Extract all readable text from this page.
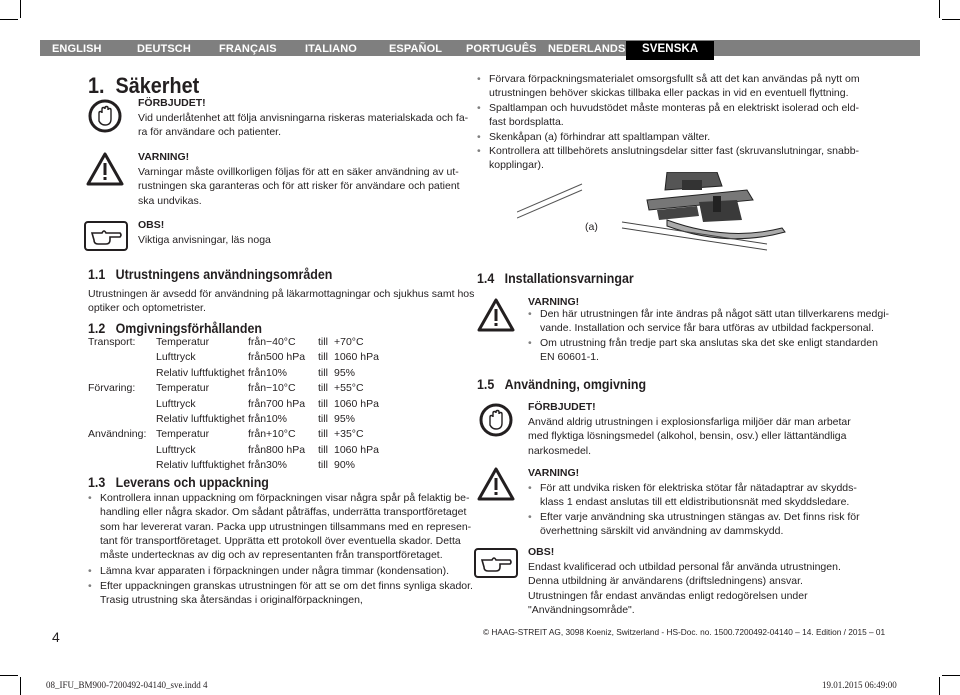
ENGLISH	DEUTSCH	FRANÇAIS	ITALIANO	ESPAÑOL PORTUGUÊS NEDERLANDS	SVENSKA
1. Säkerhet
FÖRBJUDET!
Vid underlåtenhet att följa anvisningarna riskeras materialskada och fa-
ra för användare och patienter.
VARNING!
Varningar måste ovillkorligen följas för att en säker användning av ut-
rustningen ska garanteras och för att risker för användare och patient
ska undvikas.
OBS!
Viktiga anvisningar, läs noga
• Förvara förpackningsmaterialet omsorgsfullt så att det kan användas på nytt om
utrustningen behöver skickas tillbaka eller packas in vid en eventuell flyttning.
• Spaltlampan och huvudstödet måste monteras på en elektriskt isolerad och eld-
fast bordsplatta.
• Skenkåpan (a) förhindrar att spaltlampan välter.
• Kontrollera att tillbehörets anslutningsdelar sitter fast (skruvanslutningar, snabb-
kopplingar).
(a)
1.1 Utrustningens användningsområden
Utrustningen är avsedd för användning på läkarmottagningar och sjukhus samt hos
optiker och optometrister.
1.2 Omgivningsförhållanden
Transport: Temperatur	från −40°C till +70°C
Lufttryck	från 500 hPa till 1060 hPa
Relativ luftfuktighet från 10%	till 95%
Förvaring: Temperatur	från −10°C till +55°C
Lufttryck	från 700 hPa till 1060 hPa
Relativ luftfuktighet från 10%	till 95%
Användning: Temperatur	från +10°C till +35°C
Lufttryck	från 800 hPa till 1060 hPa
Relativ luftfuktighet från 30%	till 90%
1.3 Leverans och uppackning
• Kontrollera innan uppackning om förpackningen visar några spår på felaktig be-
handling eller några skador. Om sådant påträffas, underrätta transportföretaget
som har levererat varan. Packa upp utrustningen tillsammans med en represen-
tant för transportföretaget. Upprätta ett protokoll över eventuella skador. Detta
måste undertecknas av dig och av representanten från transportföretaget.
• Lämna kvar apparaten i förpackningen under några timmar (kondensation).
• Efter uppackningen granskas utrustningen för att se om det finns synliga skador.
Trasig utrustning ska återsändas i originalförpackningen,
4
1.4 Installationsvarningar
VARNING!
• Den här utrustningen får inte ändras på något sätt utan tillverkarens medgi-
vande. Installation och service får bara utföras av utbildad fackpersonal.
• Om utrustning från tredje part ska anslutas ska det ske enligt standarden
EN 60601-1.
1.5 Användning, omgivning
FÖRBJUDET!
Använd aldrig utrustningen i explosionsfarliga miljöer där man arbetar
med flyktiga lösningsmedel (alkohol, bensin, osv.) eller lättantändliga
narkosmedel.
VARNING!
• För att undvika risken för elektriska stötar får nätadaptrar av skydds-
klass 1 endast anslutas till ett eldistributionsnät med skyddsledare.
• Efter varje användning ska utrustningen stängas av. Det finns risk för
överhettning särskilt vid användning av dammskydd.
OBS!
Endast kvalificerad och utbildad personal får använda utrustningen.
Denna utbildning är användarens (driftsledningens) ansvar.
Utrustningen får endast användas enligt redogörelsen under
"Användningsområde".
© HAAG-STREIT AG, 3098 Koeniz, Switzerland - HS-Doc. no. 1500.7200492-04140 – 14. Edition / 2015 – 01
08_IFU_BM900-7200492-04140_sve.indd 4	19.01.2015 06:49:00
